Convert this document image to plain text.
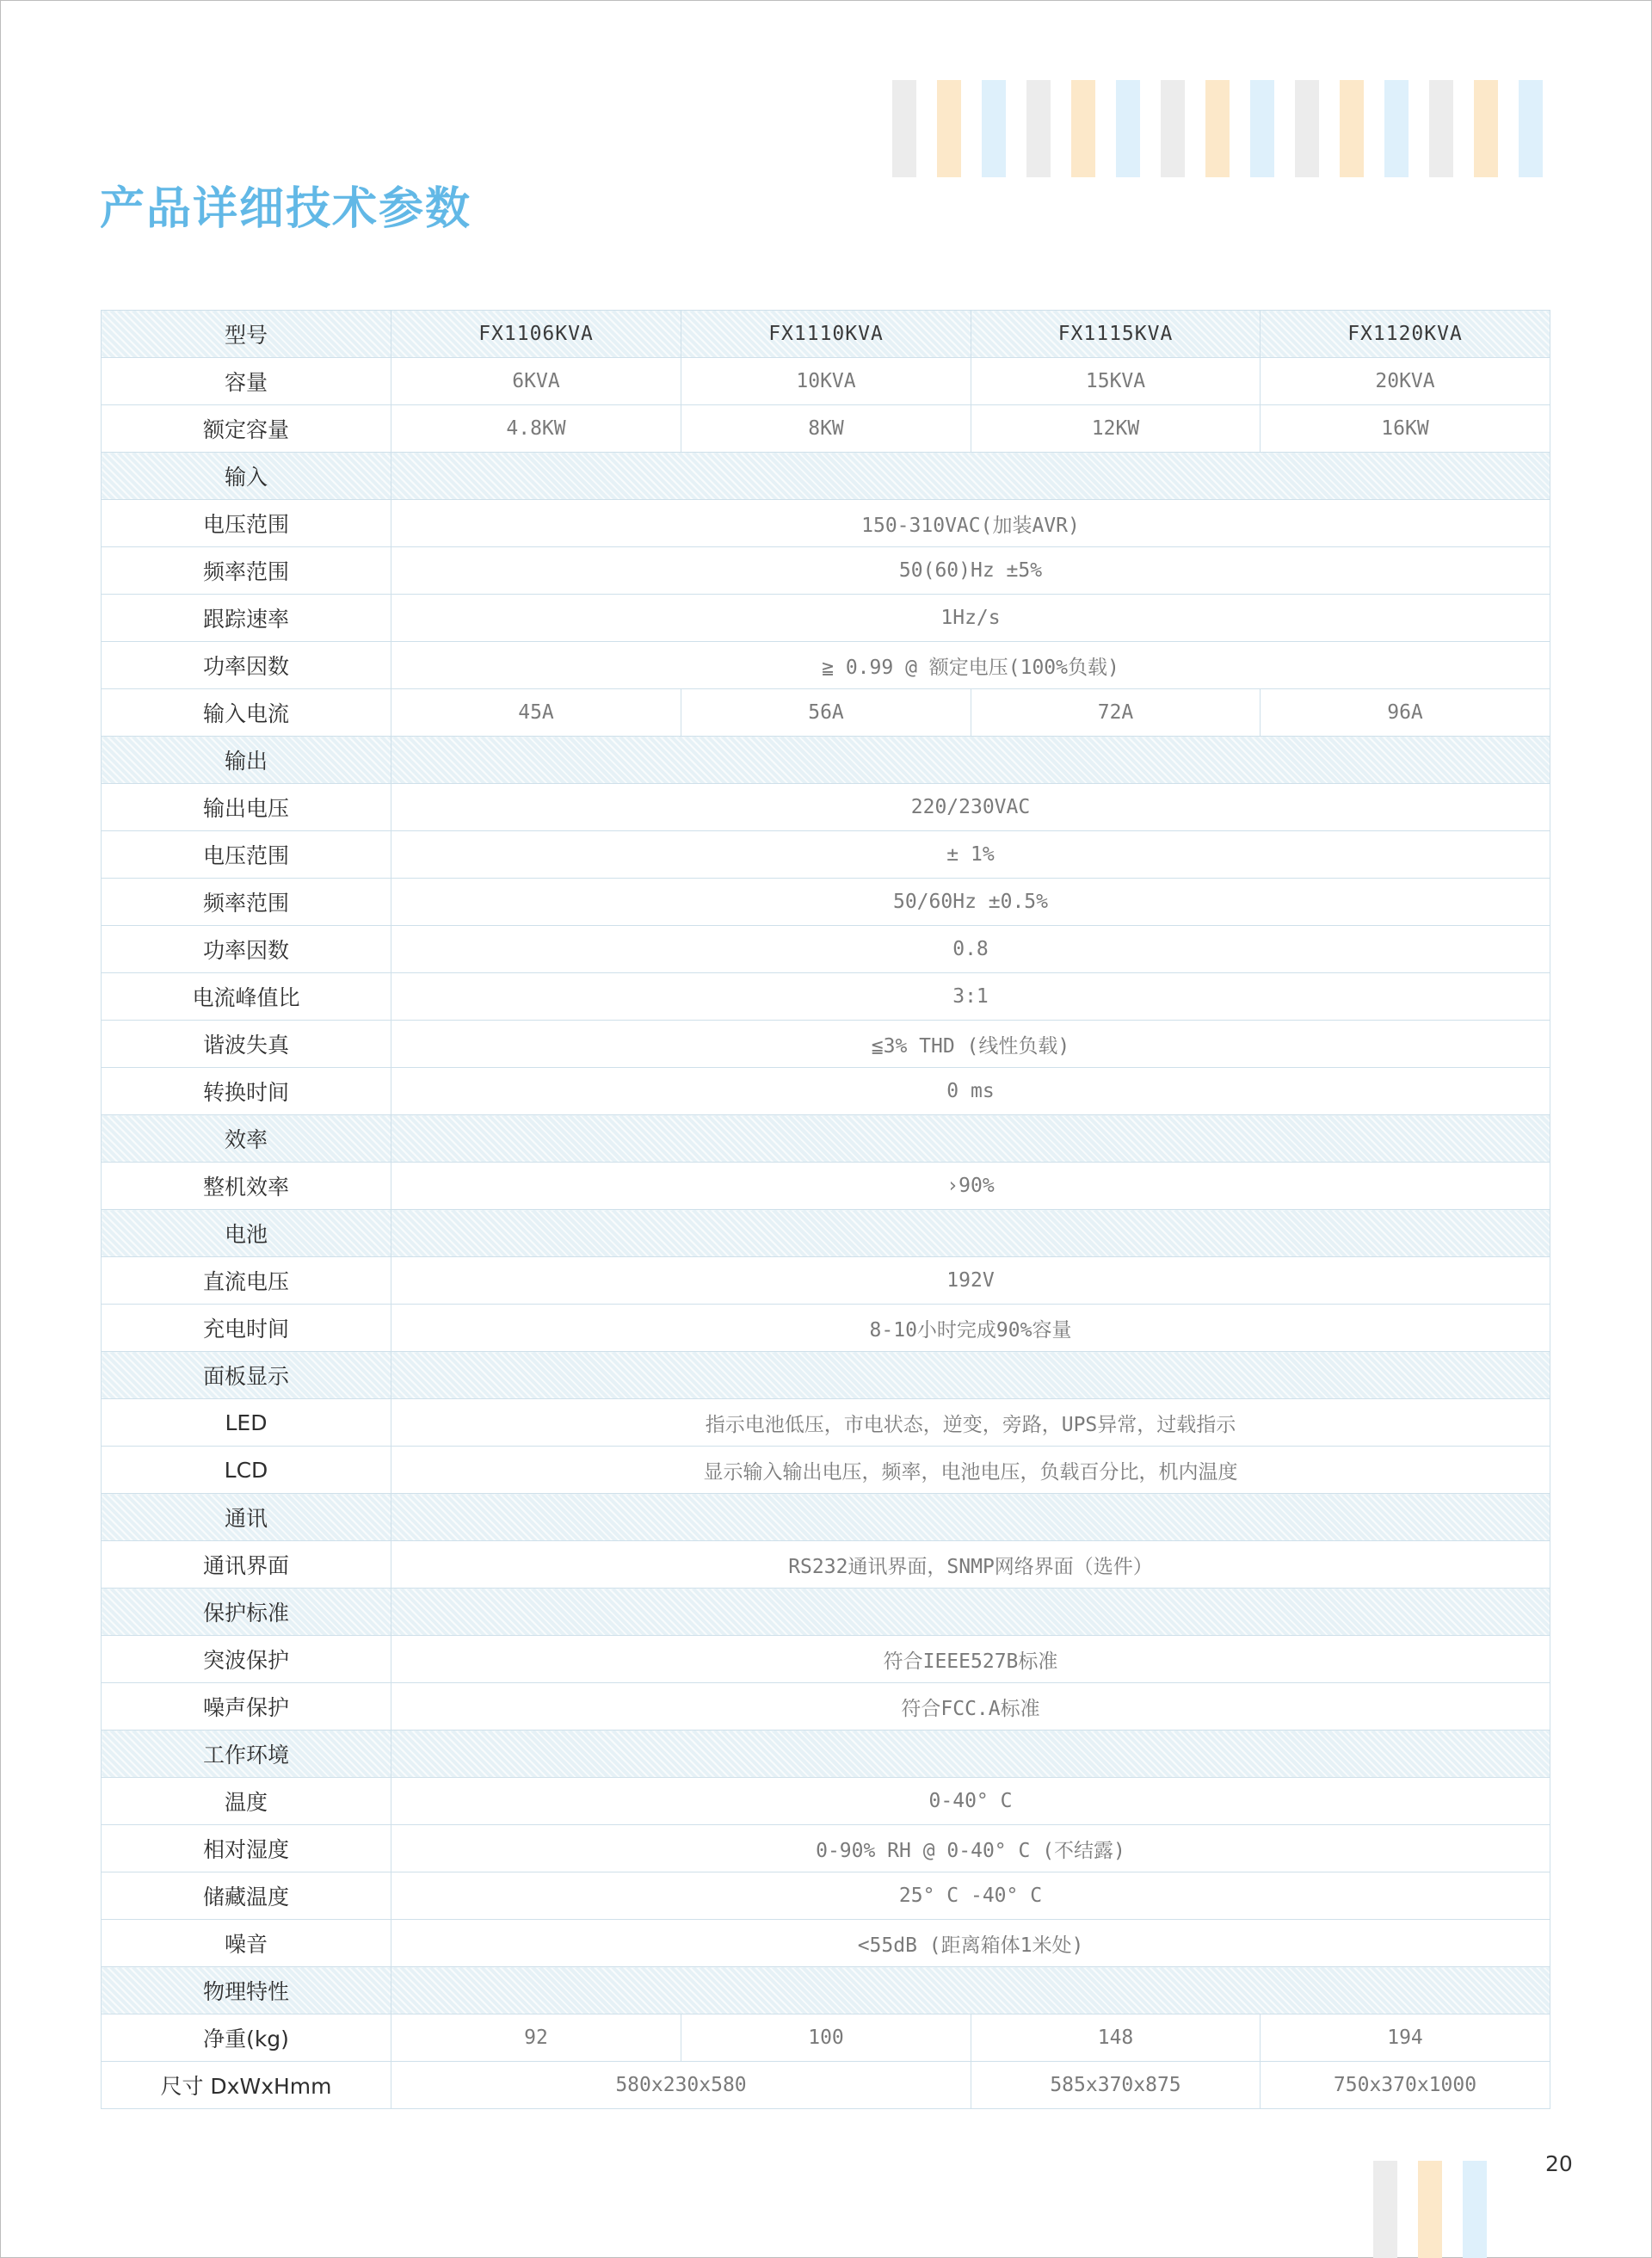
产品详细技术参数
型号	FX1106KVA	FX1110KVA	FX1115KVA	FX1120KVA
容量	6KVA	10KVA	15KVA	20KVA
额定容量	4.8KW	8KW	12KW	16KW
输入				
电压范围	150-310VAC(加装AVR)			
频率范围	50(60)Hz ±5%			
跟踪速率	1Hz/s			
功率因数	≧ 0.99 @ 额定电压(100%负载)			
输入电流	45A	56A	72A	96A
输出				
输出电压	220/230VAC			
电压范围	± 1%			
频率范围	50/60Hz ±0.5%			
功率因数	0.8			
电流峰值比	3:1			
谐波失真	≦3% THD (线性负载)			
转换时间	0 ms			
效率				
整机效率	›90%			
电池				
直流电压	192V			
充电时间	8-10小时完成90%容量			
面板显示				
LED	指示电池低压，市电状态，逆变，旁路，UPS异常，过载指示			
LCD	显示输入输出电压，频率，电池电压，负载百分比，机内温度			
通讯				
通讯界面	RS232通讯界面，SNMP网络界面（选件）			
保护标准				
突波保护	符合IEEE527B标准			
噪声保护	符合FCC.A标准			
工作环境				
温度	0-40° C			
相对湿度	0-90% RH @ 0-40° C (不结露)			
储藏温度	25° C -40° C			
噪音	<55dB (距离箱体1米处)			
物理特性				
净重(kg)	92	100	148	194
尺寸 DxWxHmm	580x230x580		585x370x875	750x370x1000
20
